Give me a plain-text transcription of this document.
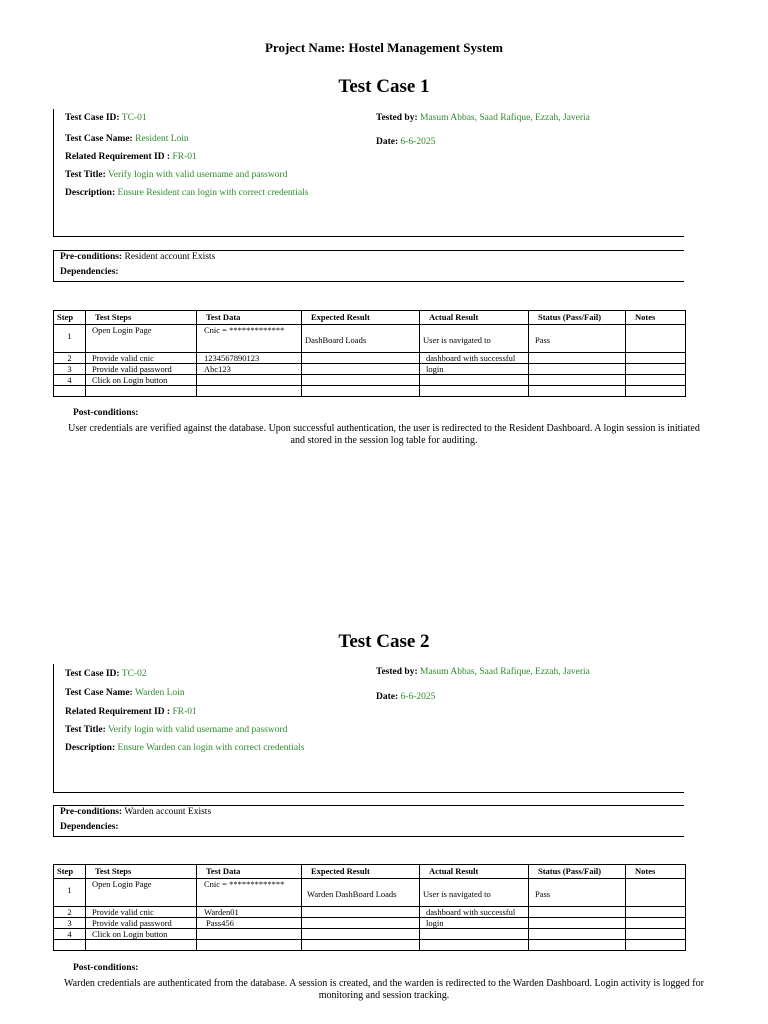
Project Name: Hostel Management System
Test Case 1
Test Case ID: TC-01
Test Case Name: Resident Loin
Related Requirement ID : FR-01
Test Title: Verify login with valid username and password
Description: Ensure Resident can login with correct credentials
Tested by: Masum Abbas, Saad Rafique, Ezzah, Javeria
Date: 6-6-2025
Pre-conditions: Resident account Exists
Dependencies:
Step	Test Steps	Test Data	Expected Result	Actual Result	Status (Pass/Fail)	Notes
1	Open Login Page	Cnic = *************	DashBoard Loads	User is navigated to	Pass	

2	Provide valid cnic	1234567890123		dashboard with successful		
3	Provide valid password	Abc123		login		
4	Click on Login button					

Post-conditions:
User credentials are verified against the database. Upon successful authentication, the user is redirected to the Resident Dashboard. A login session is initiated and stored in the session log table for auditing.
Test Case 2
Test Case ID: TC-02
Test Case Name: Warden Loin
Related Requirement ID : FR-01
Test Title: Verify login with valid username and password
Description: Ensure Warden can login with correct credentials
Tested by: Masum Abbas, Saad Rafique, Ezzah, Javeria
Date: 6-6-2025
Pre-conditions: Warden account Exists
Dependencies:
Step	Test Steps	Test Data	Expected Result	Actual Result	Status (Pass/Fail)	Notes
1	Open Login Page	Cnic = *************	Warden DashBoard Loads	User is navigated to	Pass	

2	Provide valid cnic	Warden01		dashboard with successful		
3	Provide valid password	Pass456		login		
4	Click on Login button					

Post-conditions:
Warden credentials are authenticated from the database. A session is created, and the warden is redirected to the Warden Dashboard. Login activity is logged for monitoring and session tracking.
